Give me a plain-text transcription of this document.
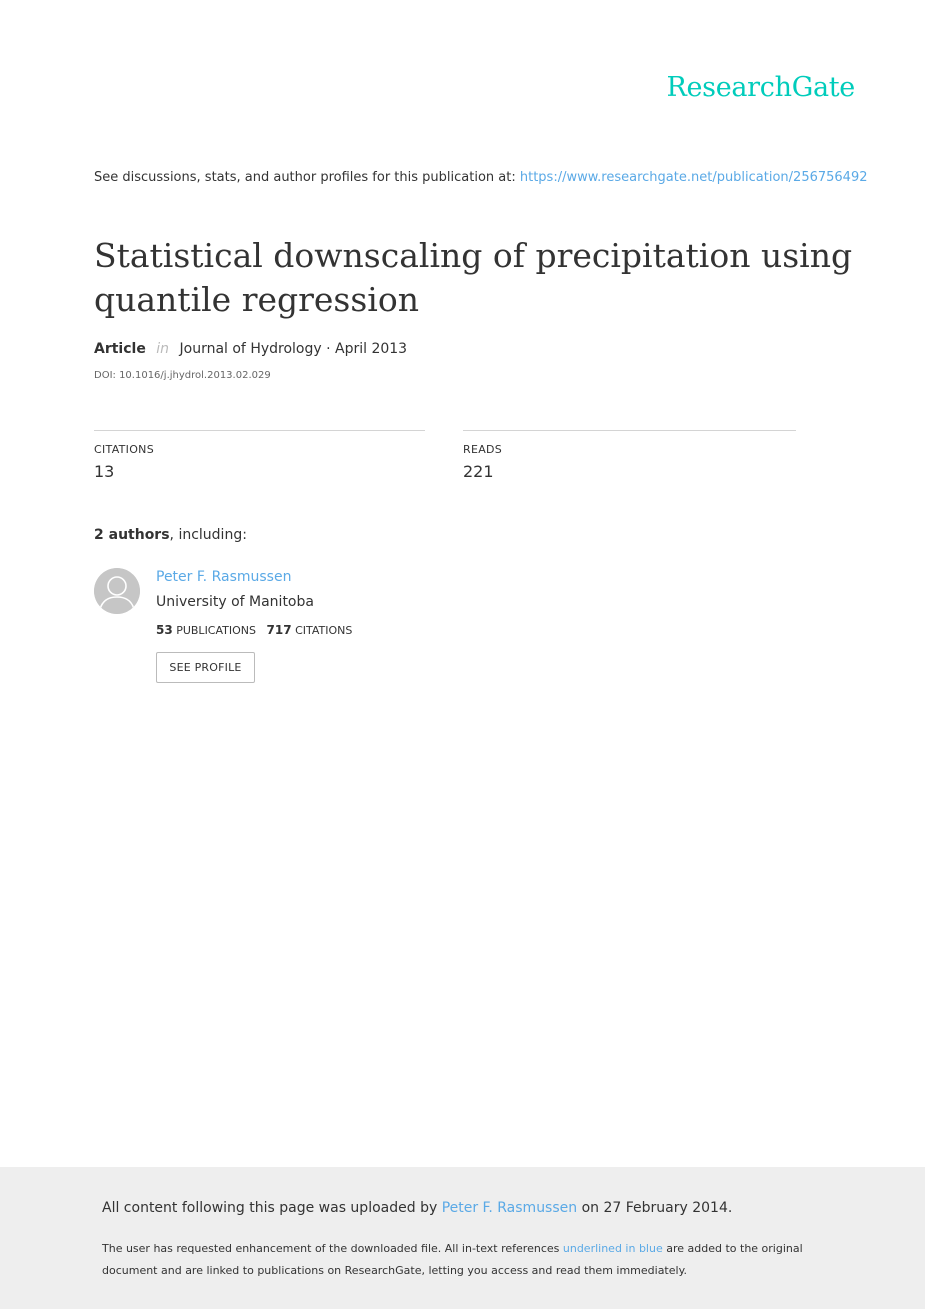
ResearchGate
See discussions, stats, and author profiles for this publication at: https://www.researchgate.net/publication/256756492
Statistical downscaling of precipitation using quantile regression
Article in Journal of Hydrology · April 2013
DOI: 10.1016/j.jhydrol.2013.02.029
CITATIONS
13
READS
221
2 authors, including:
Peter F. Rasmussen
University of Manitoba
53 PUBLICATIONS 717 CITATIONS
SEE PROFILE
All content following this page was uploaded by Peter F. Rasmussen on 27 February 2014.
The user has requested enhancement of the downloaded file. All in-text references underlined in blue are added to the original document and are linked to publications on ResearchGate, letting you access and read them immediately.
